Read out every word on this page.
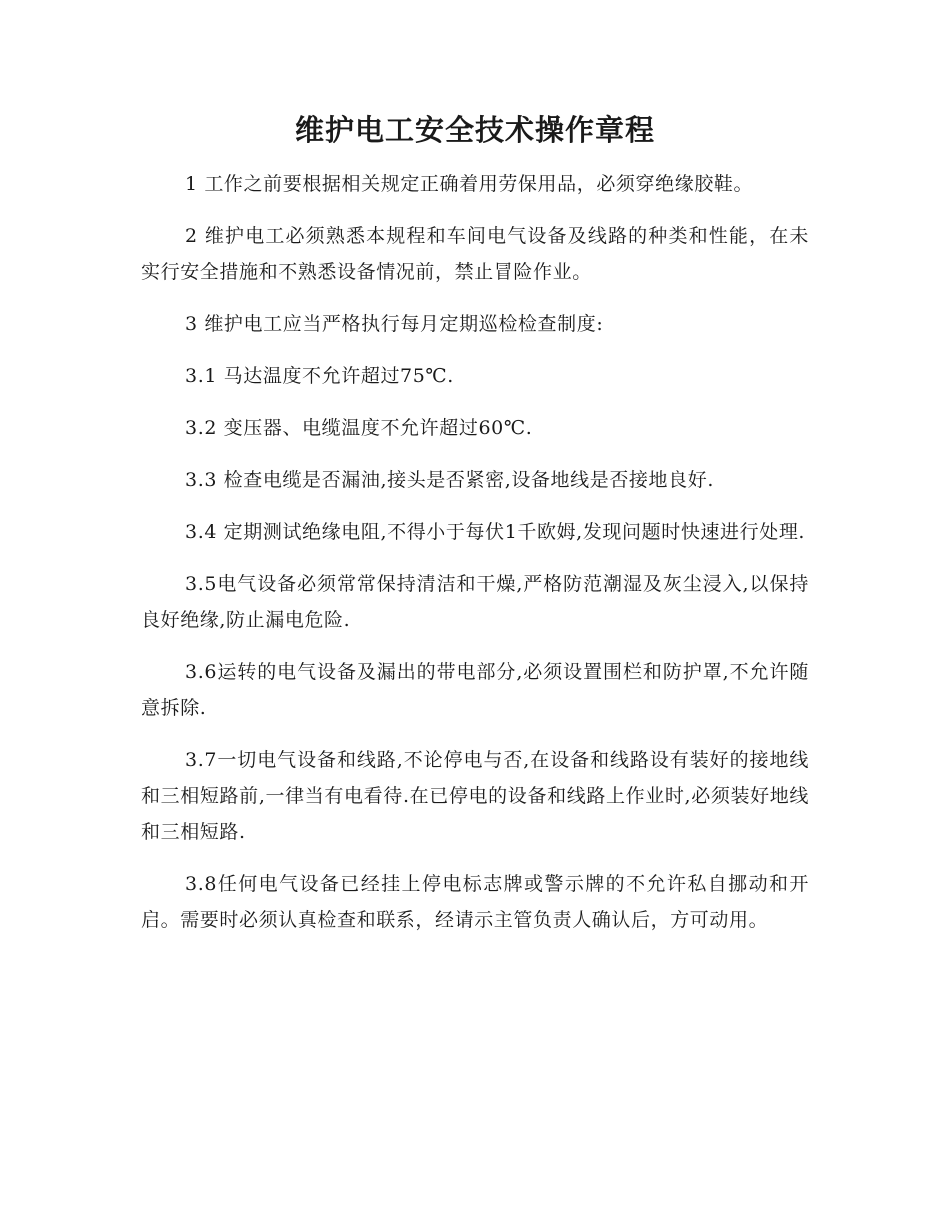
维护电工安全技术操作章程

1 工作之前要根据相关规定正确着用劳保用品，必须穿绝缘胶鞋。

2 维护电工必须熟悉本规程和车间电气设备及线路的种类和性能，在未实行安全措施和不熟悉设备情况前，禁止冒险作业。

3 维护电工应当严格执行每月定期巡检检查制度:

3.1 马达温度不允许超过75℃.

3.2 变压器、电缆温度不允许超过60℃.

3.3 检查电缆是否漏油,接头是否紧密,设备地线是否接地良好.

3.4 定期测试绝缘电阻,不得小于每伏1千欧姆,发现问题时快速进行处理.

3.5电气设备必须常常保持清洁和干燥,严格防范潮湿及灰尘浸入,以保持良好绝缘,防止漏电危险.

3.6运转的电气设备及漏出的带电部分,必须设置围栏和防护罩,不允许随意拆除.

3.7一切电气设备和线路,不论停电与否,在设备和线路设有装好的接地线和三相短路前,一律当有电看待.在已停电的设备和线路上作业时,必须装好地线和三相短路.

3.8任何电气设备已经挂上停电标志牌或警示牌的不允许私自挪动和开启。需要时必须认真检查和联系，经请示主管负责人确认后，方可动用。
